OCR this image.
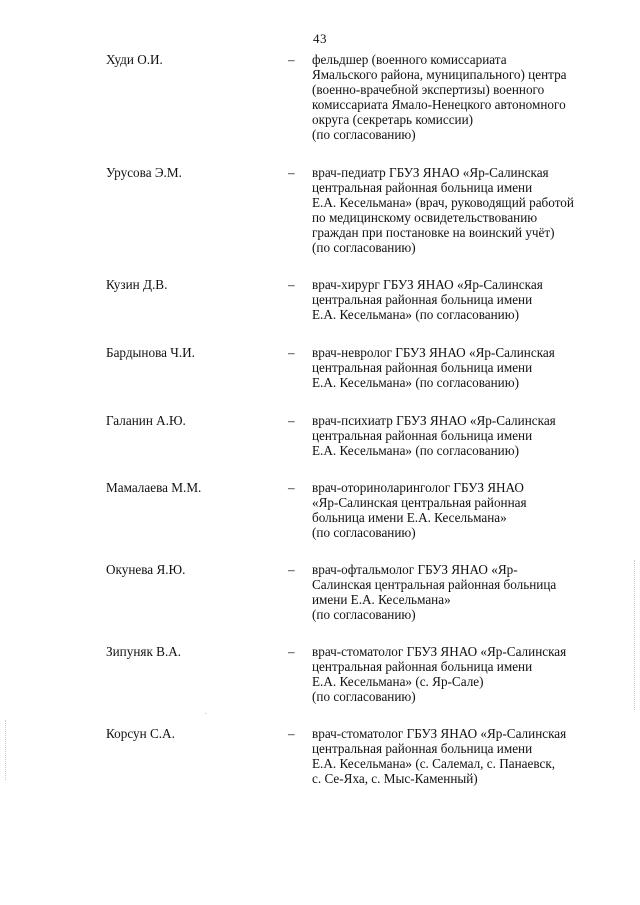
43
Худи О.И.	–	фельдшер (военного комиссариата
Ямальского района, муниципального) центра
(военно-врачебной экспертизы) военного
комиссариата Ямало-Ненецкого автономного
округа (секретарь комиссии)
(по согласованию)
Урусова Э.М.	–	врач-педиатр ГБУЗ ЯНАО «Яр-Салинская
центральная районная больница имени
Е.А. Кесельмана» (врач, руководящий работой
по медицинскому освидетельствованию
граждан при постановке на воинский учёт)
(по согласованию)
Кузин Д.В.	–	врач-хирург ГБУЗ ЯНАО «Яр-Салинская
центральная районная больница имени
Е.А. Кесельмана» (по согласованию)
Бардынова Ч.И.	–	врач-невролог ГБУЗ ЯНАО «Яр-Салинская
центральная районная больница имени
Е.А. Кесельмана» (по согласованию)
Галанин А.Ю.	–	врач-психиатр ГБУЗ ЯНАО «Яр-Салинская
центральная районная больница имени
Е.А. Кесельмана» (по согласованию)
Мамалаева М.М.	–	врач-оториноларинголог ГБУЗ ЯНАО
«Яр-Салинская центральная районная
больница имени Е.А. Кесельмана»
(по согласованию)
Окунева Я.Ю.	–	врач-офтальмолог ГБУЗ ЯНАО «Яр-
Салинская центральная районная больница
имени Е.А. Кесельмана»
(по согласованию)
Зипуняк В.А.	–	врач-стоматолог ГБУЗ ЯНАО «Яр-Салинская
центральная районная больница имени
Е.А. Кесельмана» (с. Яр-Сале)
(по согласованию)
Корсун С.А.	–	врач-стоматолог ГБУЗ ЯНАО «Яр-Салинская
центральная районная больница имени
Е.А. Кесельмана» (с. Салемал, с. Панаевск,
с. Се-Яха, с. Мыс-Каменный)
